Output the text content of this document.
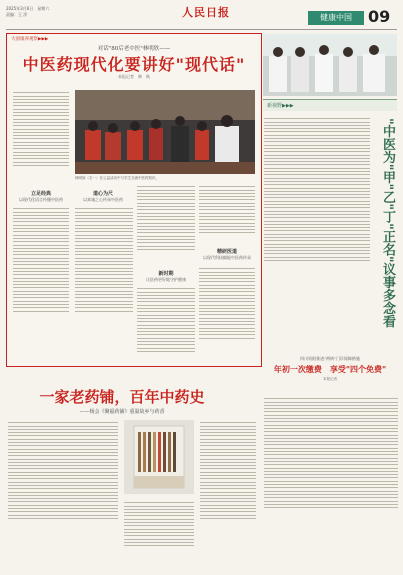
2025年3月6日　星期六
责编：王 淳	人民日报	健康中国	09
大国康养观察▶▶▶
对话"80后老中医"林明欣——
中医药现代化要讲好"现代话"
本报记者　韩　秋
林明欣（右一）在公益活动中与学生交流中医药知识。
立足经典
以现代化语言传播中医药
道心为尺
以真诚之心传承中医药
新时期
让医药更好地守护健康
精研医道
以现代科技赋能中医药传承
新视野▶▶▶
"中医为"甲"乙"丁"正名"议事多念看
四川资阳推进"两病"门诊保障措施
年初一次缴费　享受"四个免费"
本报记者
一家老药铺，百年中药史
——杨会《聚福药铺》重温故乡与药香
